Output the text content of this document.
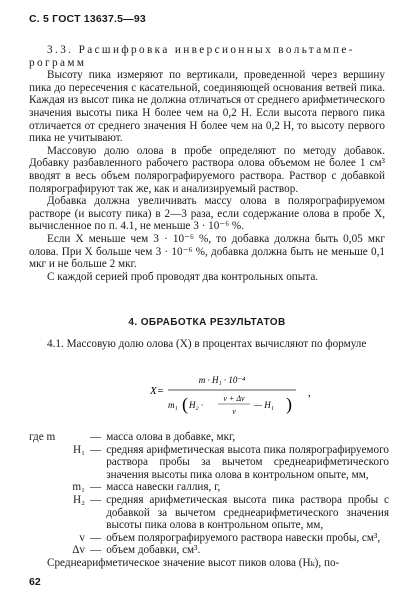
С. 5 ГОСТ 13637.5—93

3.3. Расшифровка инверсионных вольтампе-

рограмм

Высоту пика измеряют по вертикали, проведенной через вершину пика до пересечения с касательной, соединяющей основания ветвей пика. Каждая из высот пика не должна отличаться от среднего арифметического значения высоты пика H более чем на 0,2 H. Если высота первого пика отличается от среднего значения H более чем на 0,2 H, то высоту первого пика не учитывают.

Массовую долю олова в пробе определяют по методу добавок. Добавку разбавленного рабочего раствора олова объемом не более 1 см³ вводят в весь объем полярографируемого раствора. Раствор с добавкой полярографируют так же, как и анализируемый раствор.

Добавка должна увеличивать массу олова в полярографируемом растворе (и высоту пика) в 2—3 раза, если содержание олова в пробе X, вычисленное по п. 4.1, не меньше 3 · 10⁻⁶ %.

Если X меньше чем 3 · 10⁻⁶ %, то добавка должна быть 0,05 мкг олова. При X больше чем 3 · 10⁻⁶ %, добавка должна быть не меньше 0,1 мкг и не больше 2 мкг.

С каждой серией проб проводят два контрольных опыта.

4. ОБРАБОТКА РЕЗУЛЬТАТОВ

4.1. Массовую долю олова (X) в процентах вычисляют по формуле

X=
m · H₁ · 10⁻⁴
m₁ ( H₂ ·
v + Δv
v
— H₁ )
,
где m	— масса олова в добавке, мкг,
H₁ — средняя арифметическая высота пика полярографируемого раствора пробы за вычетом среднеарифметического значения высоты пика олова в контрольном опыте, мм,
m₁ — масса навески галлия, г,
H₂ — средняя арифметическая высота пика раствора пробы с добавкой за вычетом среднеарифметического значения высоты пика олова в контрольном опыте, мм,
v — объем полярографируемого раствора навески пробы, см³,
Δv — объем добавки, см³.

Среднеарифметическое значение высот пиков олова (Hₖ), по-

62
